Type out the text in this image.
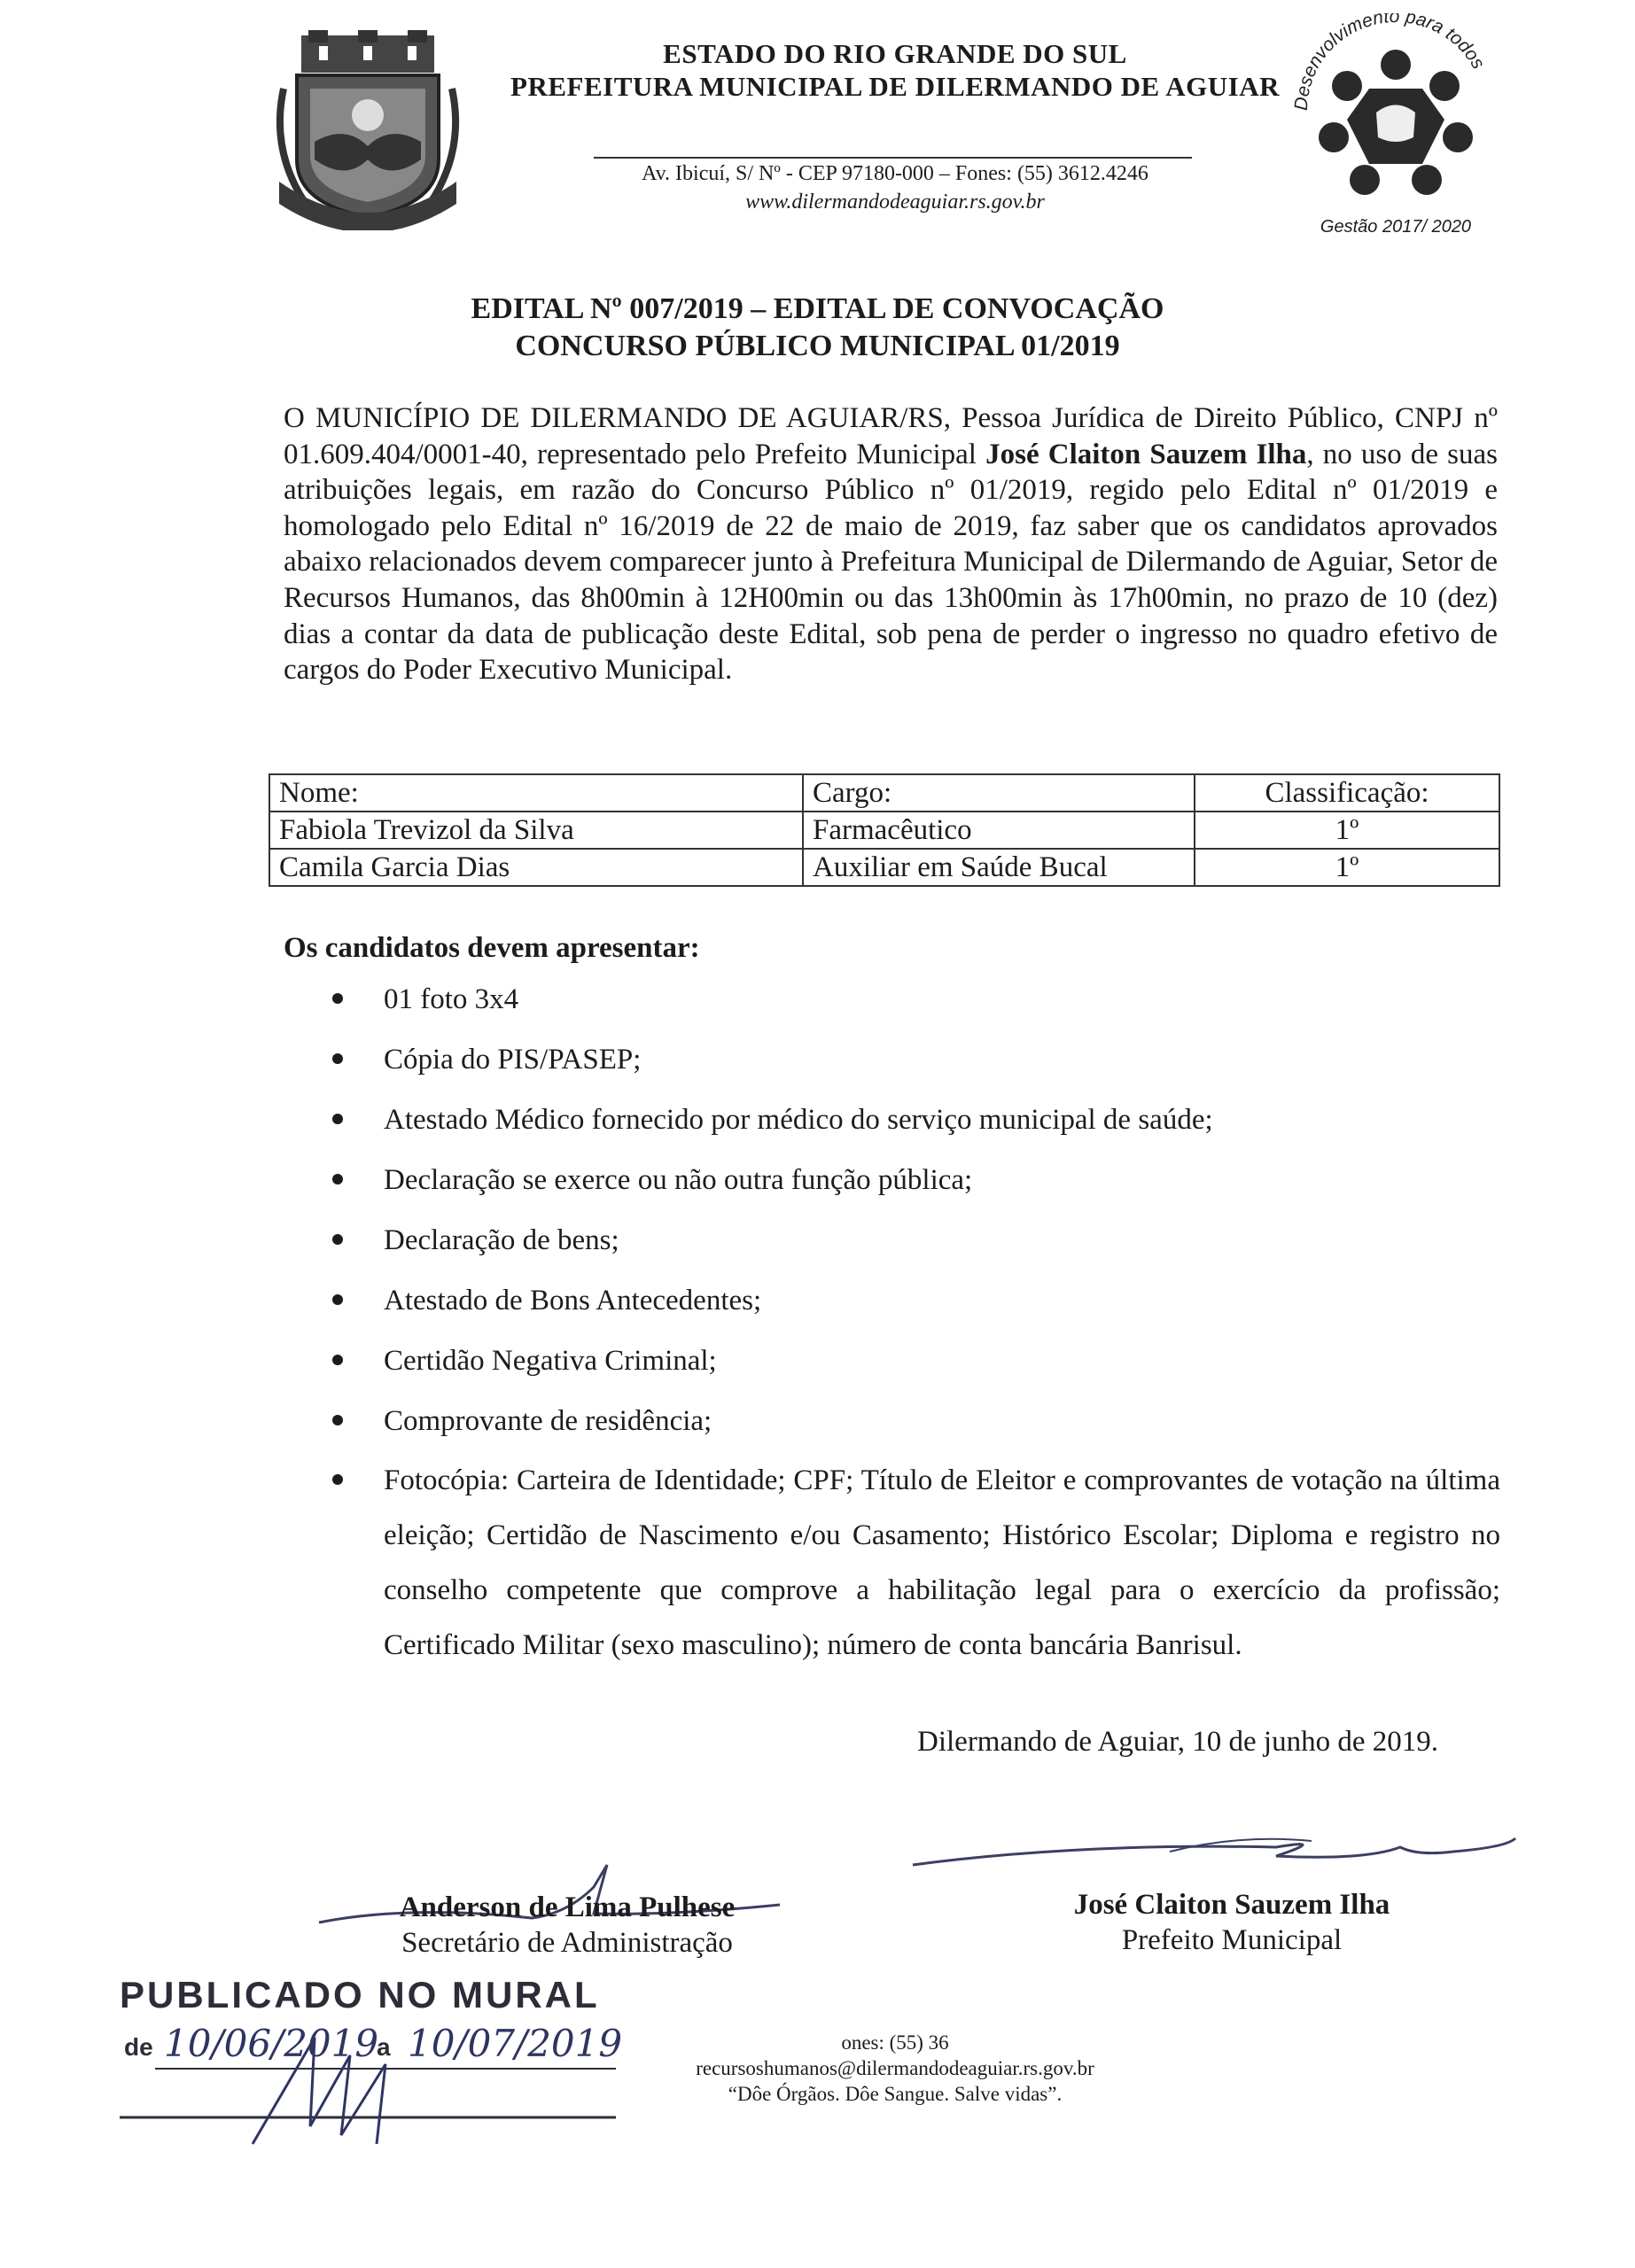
ESTADO DO RIO GRANDE DO SUL
PREFEITURA MUNICIPAL DE DILERMANDO DE AGUIAR
Av. Ibicuí, S/ Nº - CEP 97180-000 – Fones: (55) 3612.4246
www.dilermandodeaguiar.rs.gov.br
Desenvolvimento para todos
Gestão 2017/ 2020
EDITAL Nº 007/2019 – EDITAL DE CONVOCAÇÃO
CONCURSO PÚBLICO MUNICIPAL 01/2019
O MUNICÍPIO DE DILERMANDO DE AGUIAR/RS, Pessoa Jurídica de Direito Público, CNPJ nº 01.609.404/0001-40, representado pelo Prefeito Municipal José Claiton Sauzem Ilha, no uso de suas atribuições legais, em razão do Concurso Público nº 01/2019, regido pelo Edital nº 01/2019 e homologado pelo Edital nº 16/2019 de 22 de maio de 2019, faz saber que os candidatos aprovados abaixo relacionados devem comparecer junto à Prefeitura Municipal de Dilermando de Aguiar, Setor de Recursos Humanos, das 8h00min à 12H00min ou das 13h00min às 17h00min, no prazo de 10 (dez) dias a contar da data de publicação deste Edital, sob pena de perder o ingresso no quadro efetivo de cargos do Poder Executivo Municipal.
Nome:	Cargo:	Classificação:
Fabiola Trevizol da Silva	Farmacêutico	1º
Camila Garcia Dias	Auxiliar em Saúde Bucal	1º
Os candidatos devem apresentar:
01 foto 3x4
Cópia do PIS/PASEP;
Atestado Médico fornecido por médico do serviço municipal de saúde;
Declaração se exerce ou não outra função pública;
Declaração de bens;
Atestado de Bons Antecedentes;
Certidão Negativa Criminal;
Comprovante de residência;
Fotocópia: Carteira de Identidade; CPF; Título de Eleitor e comprovantes de votação na última eleição; Certidão de Nascimento e/ou Casamento; Histórico Escolar; Diploma e registro no conselho competente que comprove a habilitação legal para o exercício da profissão; Certificado Militar (sexo masculino); número de conta bancária Banrisul.
Dilermando de Aguiar, 10 de junho de 2019.
Anderson de Lima Pulhese
Secretário de Administração
José Claiton Sauzem Ilha
Prefeito Municipal
PUBLICADO NO MURAL
de 10/06/2019
a 10/07/2019	ones: (55) 36
recursoshumanos@dilermandodeaguiar.rs.gov.br
“Dôe Órgãos. Dôe Sangue. Salve vidas”.
